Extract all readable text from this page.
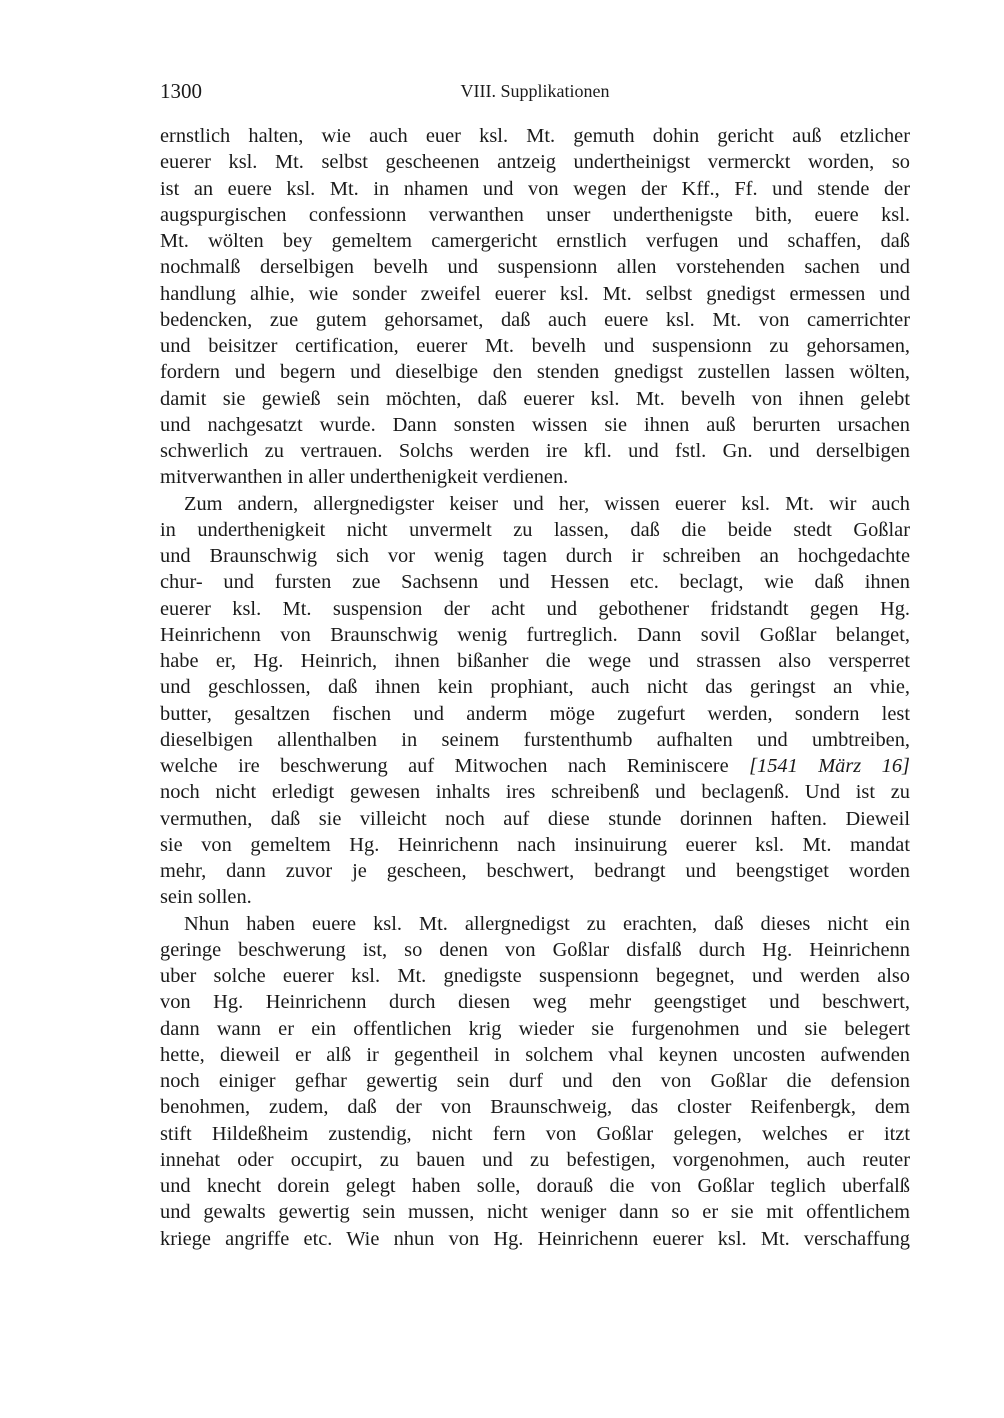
1300	VIII. Supplikationen
ernstlich halten, wie auch euer ksl. Mt. gemuth dohin gericht auß etzlicher
euerer ksl. Mt. selbst gescheenen antzeig undertheinigst vermerckt worden, so
ist an euere ksl. Mt. in nhamen und von wegen der Kff., Ff. und stende der
augspurgischen confessionn verwanthen unser underthenigste bith, euere ksl.
Mt. wölten bey gemeltem camergericht ernstlich verfugen und schaffen, daß
nochmalß derselbigen bevelh und suspensionn allen vorstehenden sachen und
handlung alhie, wie sonder zweifel euerer ksl. Mt. selbst gnedigst ermessen und
bedencken, zue gutem gehorsamet, daß auch euere ksl. Mt. von camerrichter
und beisitzer certification, euerer Mt. bevelh und suspensionn zu gehorsamen,
fordern und begern und dieselbige den stenden gnedigst zustellen lassen wölten,
damit sie gewieß sein möchten, daß euerer ksl. Mt. bevelh von ihnen gelebt
und nachgesatzt wurde. Dann sonsten wissen sie ihnen auß berurten ursachen
schwerlich zu vertrauen. Solchs werden ire kfl. und fstl. Gn. und derselbigen
mitverwanthen in aller underthenigkeit verdienen.
Zum andern, allergnedigster keiser und her, wissen euerer ksl. Mt. wir auch
in underthenigkeit nicht unvermelt zu lassen, daß die beide stedt Goßlar
und Braunschwig sich vor wenig tagen durch ir schreiben an hochgedachte
chur- und fursten zue Sachsenn und Hessen etc. beclagt, wie daß ihnen
euerer ksl. Mt. suspension der acht und gebothener fridstandt gegen Hg.
Heinrichenn von Braunschwig wenig furtreglich. Dann sovil Goßlar belanget,
habe er, Hg. Heinrich, ihnen bißanher die wege und strassen also versperret
und geschlossen, daß ihnen kein prophiant, auch nicht das geringst an vhie,
butter, gesaltzen fischen und anderm möge zugefurt werden, sondern lest
dieselbigen allenthalben in seinem furstenthumb aufhalten und umbtreiben,
welche ire beschwerung auf Mitwochen nach Reminiscere [1541 März 16]
noch nicht erledigt gewesen inhalts ires schreibenß und beclagenß. Und ist zu
vermuthen, daß sie villeicht noch auf diese stunde dorinnen haften. Dieweil
sie von gemeltem Hg. Heinrichenn nach insinuirung euerer ksl. Mt. mandat
mehr, dann zuvor je gescheen, beschwert, bedrangt und beengstiget worden
sein sollen.
Nhun haben euere ksl. Mt. allergnedigst zu erachten, daß dieses nicht ein
geringe beschwerung ist, so denen von Goßlar disfalß durch Hg. Heinrichenn
uber solche euerer ksl. Mt. gnedigste suspensionn begegnet, und werden also
von Hg. Heinrichenn durch diesen weg mehr geengstiget und beschwert,
dann wann er ein offentlichen krig wieder sie furgenohmen und sie belegert
hette, dieweil er alß ir gegentheil in solchem vhal keynen uncosten aufwenden
noch einiger gefhar gewertig sein durf und den von Goßlar die defension
benohmen, zudem, daß der von Braunschweig, das closter Reifenbergk, dem
stift Hildeßheim zustendig, nicht fern von Goßlar gelegen, welches er itzt
innehat oder occupirt, zu bauen und zu befestigen, vorgenohmen, auch reuter
und knecht dorein gelegt haben solle, dorauß die von Goßlar teglich uberfalß
und gewalts gewertig sein mussen, nicht weniger dann so er sie mit offentlichem
kriege angriffe etc. Wie nhun von Hg. Heinrichenn euerer ksl. Mt. verschaffung
